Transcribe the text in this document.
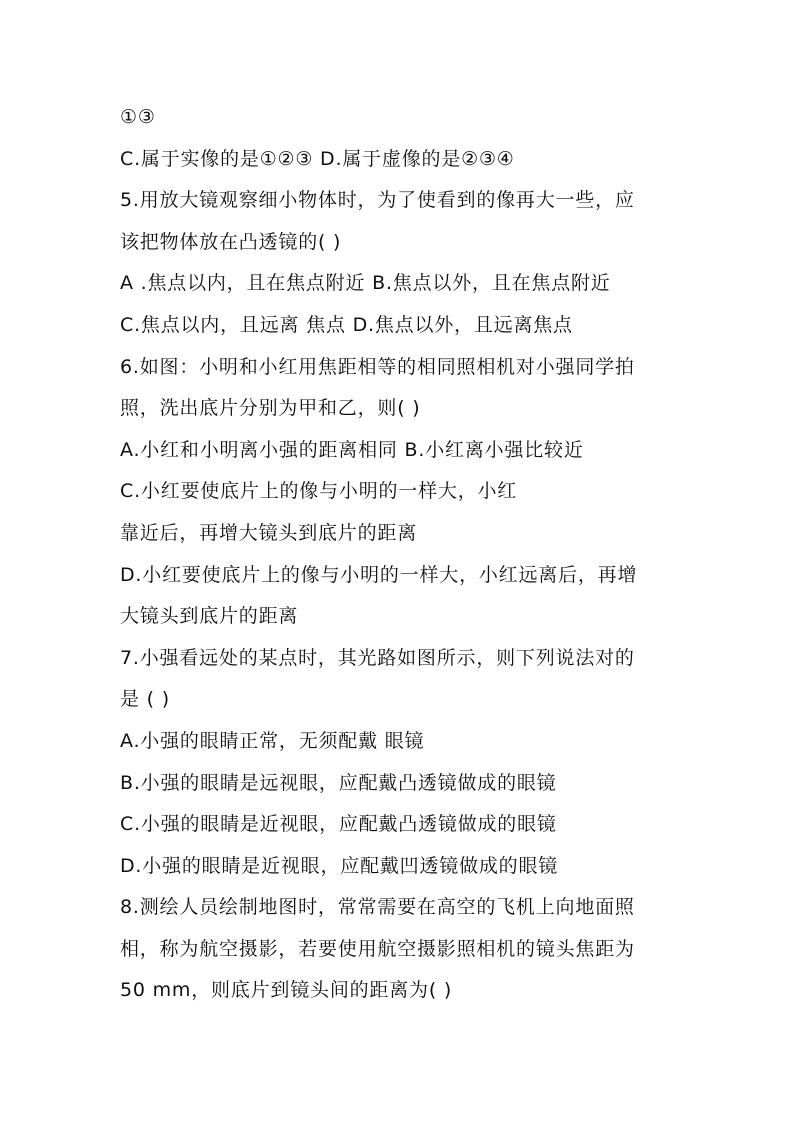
①③
C.属于实像的是①②③ D.属于虚像的是②③④
5.用放大镜观察细小物体时，为了使看到的像再大一些，应
该把物体放在凸透镜的( )
A .焦点以内，且在焦点附近 B.焦点以外，且在焦点附近
C.焦点以内，且远离 焦点 D.焦点以外，且远离焦点
6.如图：小明和小红用焦距相等的相同照相机对小强同学拍
照，洗出底片分别为甲和乙，则( )
A.小红和小明离小强的距离相同 B.小红离小强比较近
C.小红要使底片上的像与小明的一样大，小红
靠近后，再增大镜头到底片的距离
D.小红要使底片上的像与小明的一样大，小红远离后，再增
大镜头到底片的距离
7.小强看远处的某点时，其光路如图所示，则下列说法对的
是 ( )
A.小强的眼睛正常，无须配戴 眼镜
B.小强的眼睛是远视眼，应配戴凸透镜做成的眼镜
C.小强的眼睛是近视眼，应配戴凸透镜做成的眼镜
D.小强的眼睛是近视眼，应配戴凹透镜做成的眼镜
8.测绘人员绘制地图时，常常需要在高空的飞机上向地面照
相，称为航空摄影，若要使用航空摄影照相机的镜头焦距为
50 mm，则底片到镜头间的距离为( )
